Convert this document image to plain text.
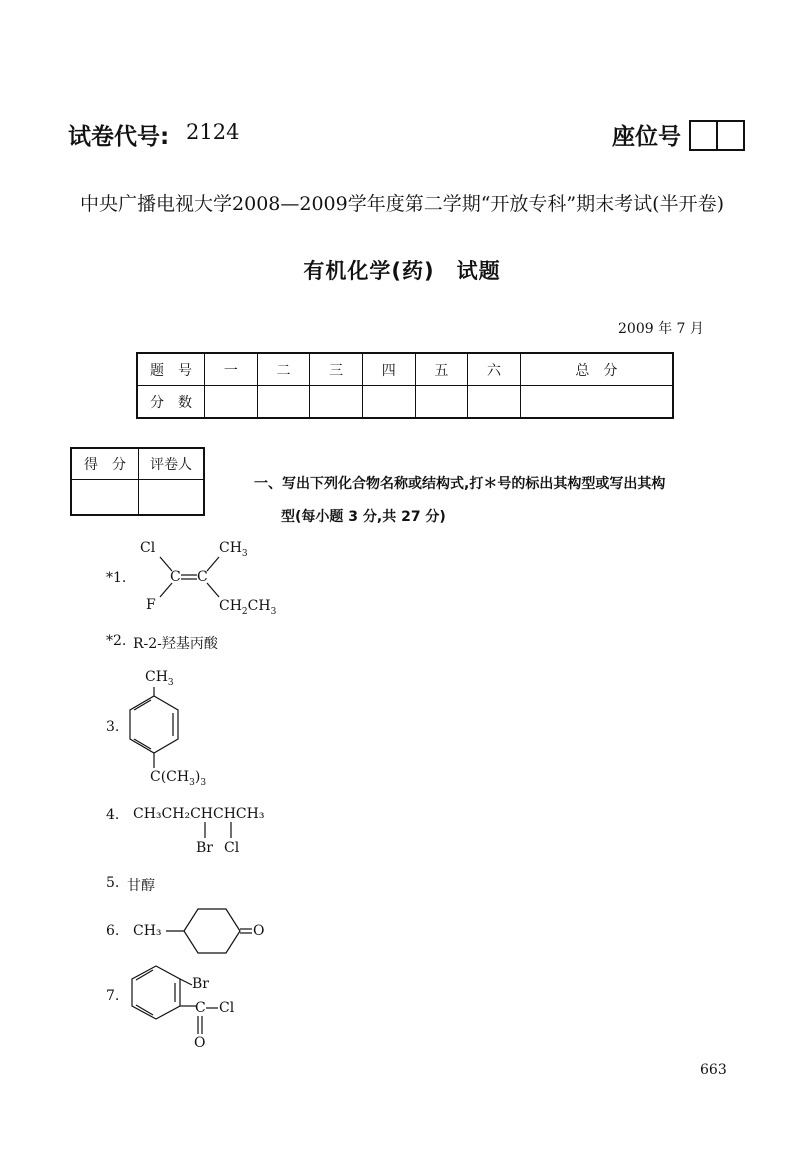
试卷代号: 2124	座位号
中央广播电视大学2008—2009学年度第二学期“开放专科”期末考试(半开卷)
有机化学(药)　试题
2009 年 7 月
题　号	一	二	三	四	五	六	总　分
分　数							
得　分	评卷人

一、写出下列化合物名称或结构式,打＊号的标出其构型或写出其构
型(每小题 3 分,共 27 分)
*1.
Cl
F
C C
$CH_3$
$CH_2CH_3$
*2. R-2-羟基丙酸
3.
$CH_3$
$C(CH_3)_3$
4. CH₃CH₂CHCHCH₃
Br Cl
5. 甘醇
6. CH₃	O
7.
Br
C Cl
O
663
